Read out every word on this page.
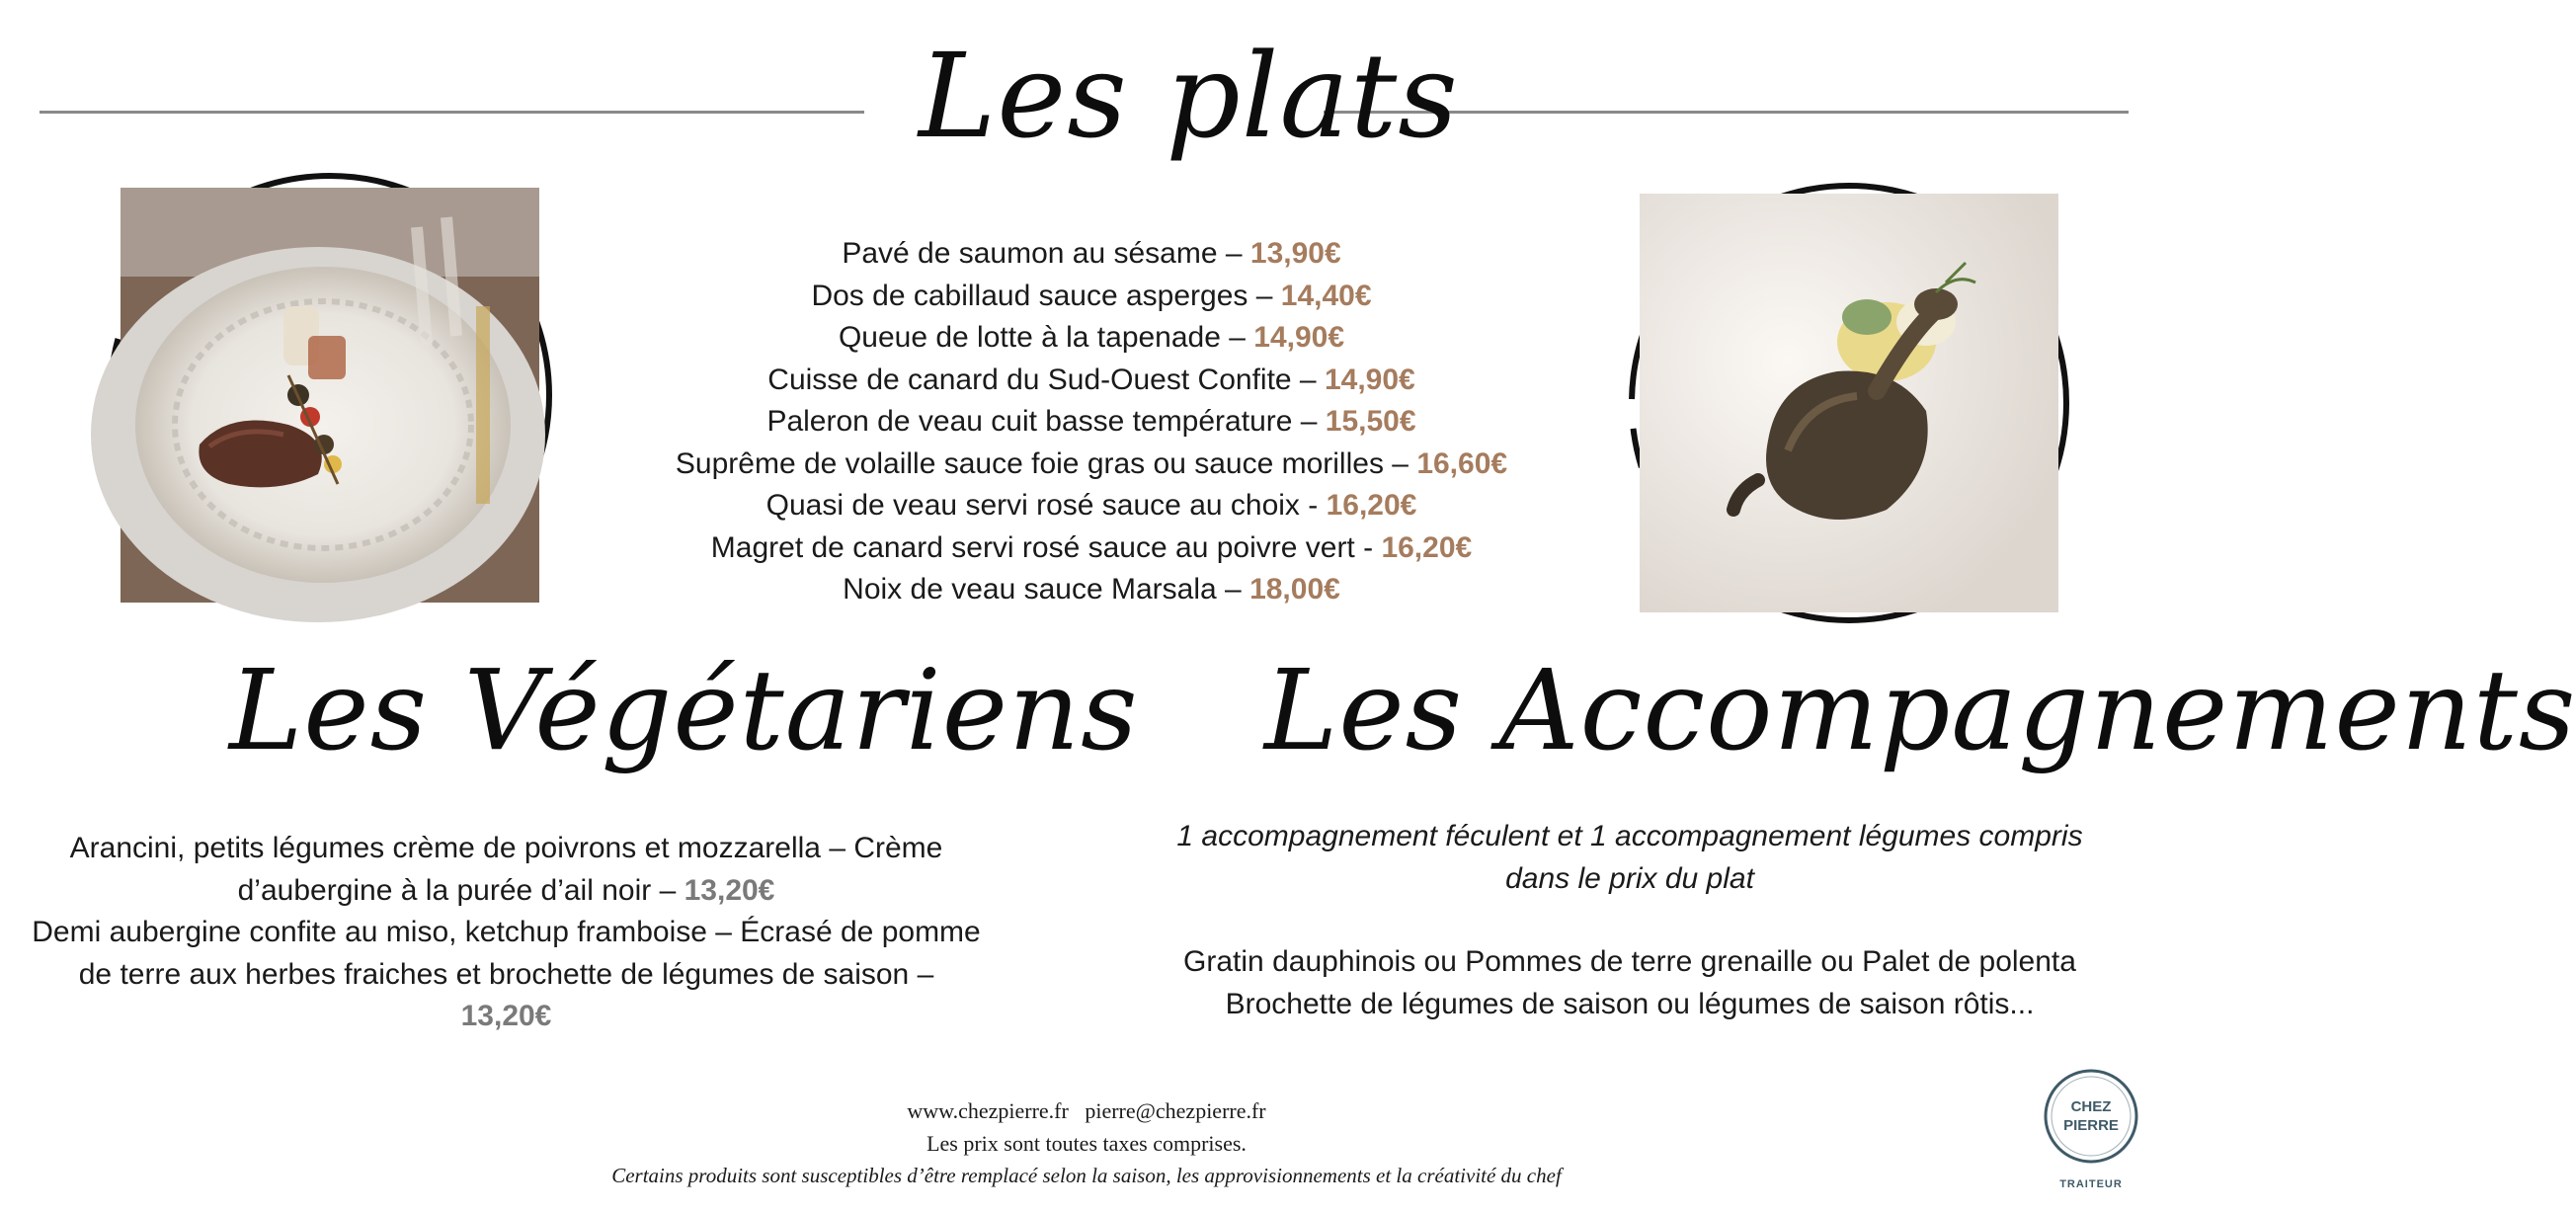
Les plats
Pavé de saumon au sésame – 13,90€
Dos de cabillaud sauce asperges – 14,40€
Queue de lotte à la tapenade – 14,90€
Cuisse de canard du Sud-Ouest Confite – 14,90€
Paleron de veau cuit basse température – 15,50€
Suprême de volaille sauce foie gras ou sauce morilles – 16,60€
Quasi de veau servi rosé sauce au choix - 16,20€
Magret de canard servi rosé sauce au poivre vert - 16,20€
Noix de veau sauce Marsala – 18,00€
Les Végétariens Les Accompagnements
Arancini, petits légumes crème de poivrons et mozzarella – Crème d’aubergine à la purée d’ail noir – 13,20€
Demi aubergine confite au miso, ketchup framboise – Écrasé de pomme de terre aux herbes fraiches et brochette de légumes de saison – 13,20€
1 accompagnement féculent et 1 accompagnement légumes compris dans le prix du plat
Gratin dauphinois ou Pommes de terre grenaille ou Palet de polenta Brochette de légumes de saison ou légumes de saison rôtis...
www.chezpierre.fr pierre@chezpierre.fr
Les prix sont toutes taxes comprises.
Certains produits sont susceptibles d’être remplacé selon la saison, les approvisionnements et la créativité du chef
CHEZ
PIERRE
TRAITEUR
